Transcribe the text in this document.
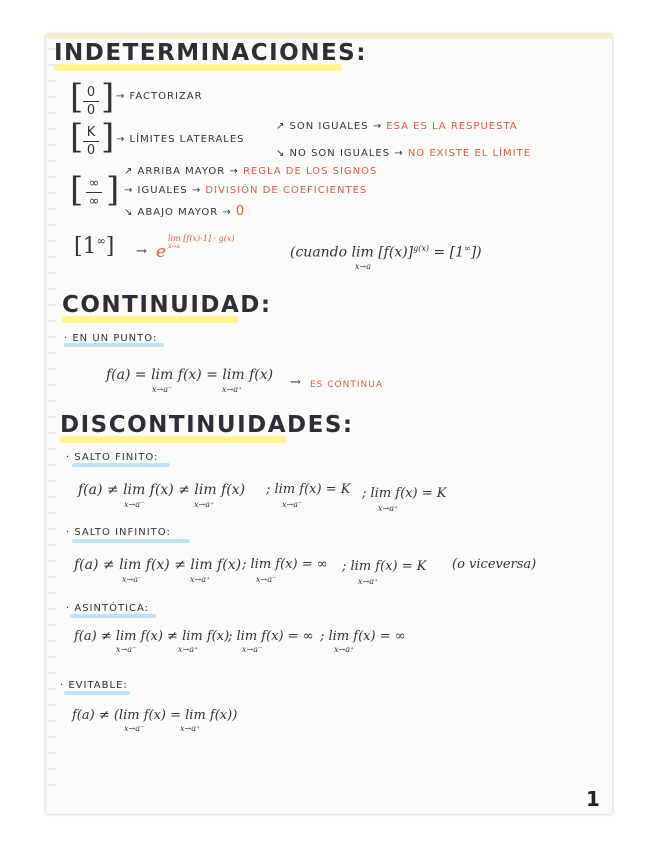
INDETERMINACIONES:
[ 0
0 ] → FACTORIZAR
[ K
0 ] → LÍMITES LATERALES
↗ SON IGUALES → ESA ES LA RESPUESTA
↘ NO SON IGUALES → NO EXISTE EL LÍMITE
[ ∞
∞ ] ↗ ARRIBA MAYOR → REGLA DE LOS SIGNOS
→ IGUALES → DIVISIÓN DE COEFICIENTES
↘ ABAJO MAYOR → 0
[1∞] → e
lim [f(x)-1] · g(x)
x→a	(cuando $\lim [f(x)]^{g(x)} = [1^\infty]$)
x→a
CONTINUIDAD:
· EN UN PUNTO:
f(a) = lim f(x) = lim f(x)
x→a⁻	x→a⁺	→ ES CONTINUA
DISCONTINUIDADES:
· SALTO FINITO:
f(a) ≠ lim f(x) ≠ lim f(x)
x→a⁻	x→a⁺
; lim f(x) = K
x→a⁻
; lim f(x) = K
x→a⁺
· SALTO INFINITO:
f(a) ≠ lim f(x) ≠ lim f(x)
x→a⁻	x→a⁺
; lim f(x) = ∞
x→a⁻
; lim f(x) = K
x→a⁺
(o viceversa)
· ASINTÓTICA:
f(a) ≠ lim f(x) ≠ lim f(x)
x→a⁻	x→a⁺
; lim f(x) = ∞
x→a⁻
; lim f(x) = ∞
x→a⁺
· EVITABLE:
f(a) ≠ (lim f(x) = lim f(x))
x→a⁻	x→a⁺
1
